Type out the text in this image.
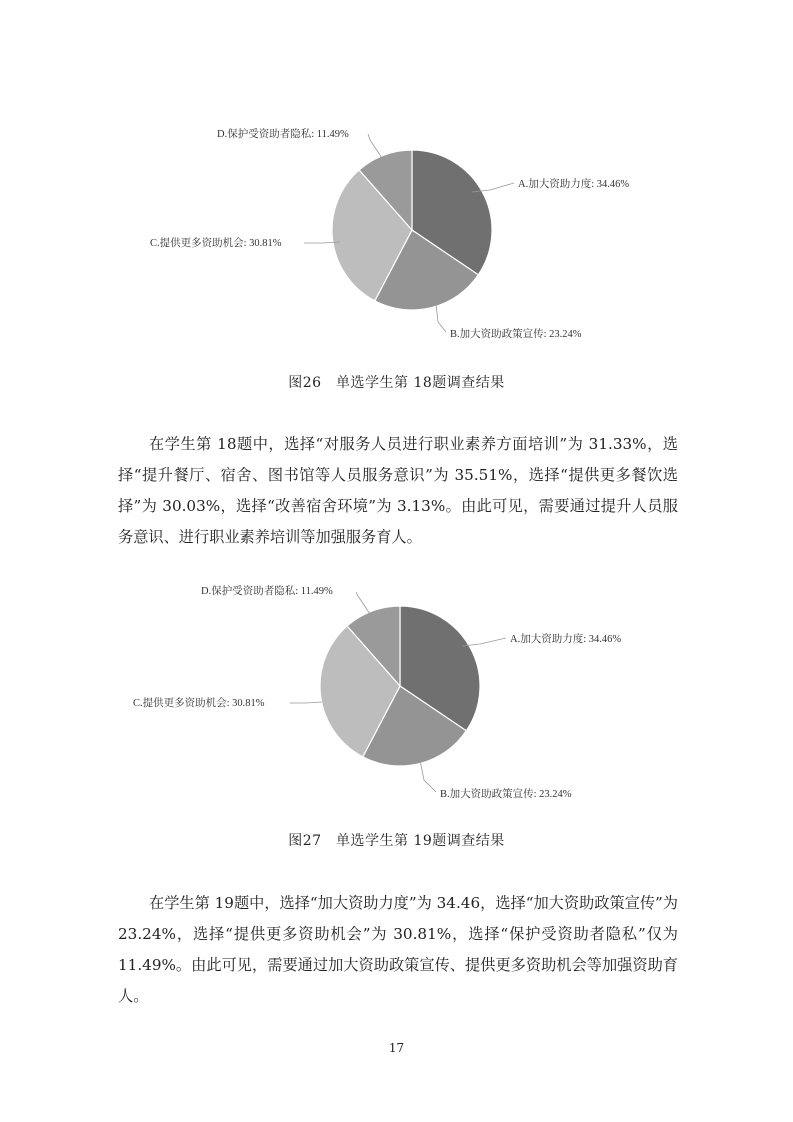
A.加大资助力度: 34.46%
B.加大资助政策宣传: 23.24%
C.提供更多资助机会: 30.81%
D.保护受资助者隐私: 11.49%
图26　单选学生第 18题调查结果

在学生第 18题中，选择“对服务人员进行职业素养方面培训”为 31.33%，选择“提升餐厅、宿舍、图书馆等人员服务意识”为 35.51%，选择“提供更多餐饮选择”为 30.03%，选择“改善宿舍环境”为 3.13%。由此可见，需要通过提升人员服务意识、进行职业素养培训等加强服务育人。

A.加大资助力度: 34.46%
B.加大资助政策宣传: 23.24%
C.提供更多资助机会: 30.81%
D.保护受资助者隐私: 11.49%
图27　单选学生第 19题调查结果

在学生第 19题中，选择“加大资助力度”为 34.46，选择“加大资助政策宣传”为 23.24%，选择“提供更多资助机会”为 30.81%，选择“保护受资助者隐私”仅为 11.49%。由此可见，需要通过加大资助政策宣传、提供更多资助机会等加强资助育人。

17
